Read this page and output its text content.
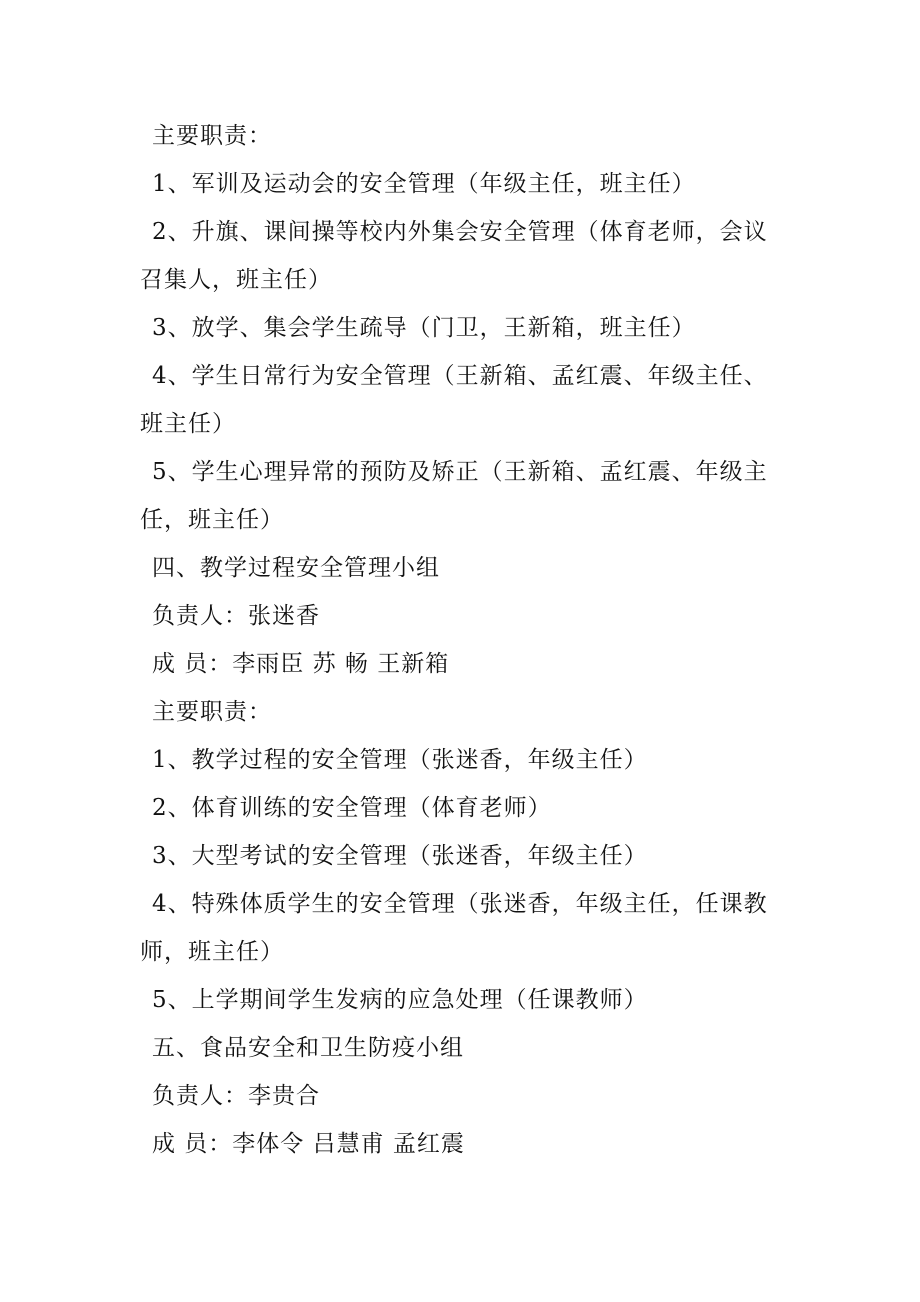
主要职责：
1、军训及运动会的安全管理（年级主任，班主任）
2、升旗、课间操等校内外集会安全管理（体育老师，会议
召集人，班主任）
3、放学、集会学生疏导（门卫，王新箱，班主任）
4、学生日常行为安全管理（王新箱、孟红震、年级主任、
班主任）
5、学生心理异常的预防及矫正（王新箱、孟红震、年级主
任，班主任）
四、教学过程安全管理小组
负责人：张迷香
成 员：李雨臣 苏 畅 王新箱
主要职责：
1、教学过程的安全管理（张迷香，年级主任）
2、体育训练的安全管理（体育老师）
3、大型考试的安全管理（张迷香，年级主任）
4、特殊体质学生的安全管理（张迷香，年级主任，任课教
师，班主任）
5、上学期间学生发病的应急处理（任课教师）
五、食品安全和卫生防疫小组
负责人：李贵合
成 员：李体令 吕慧甫 孟红震
